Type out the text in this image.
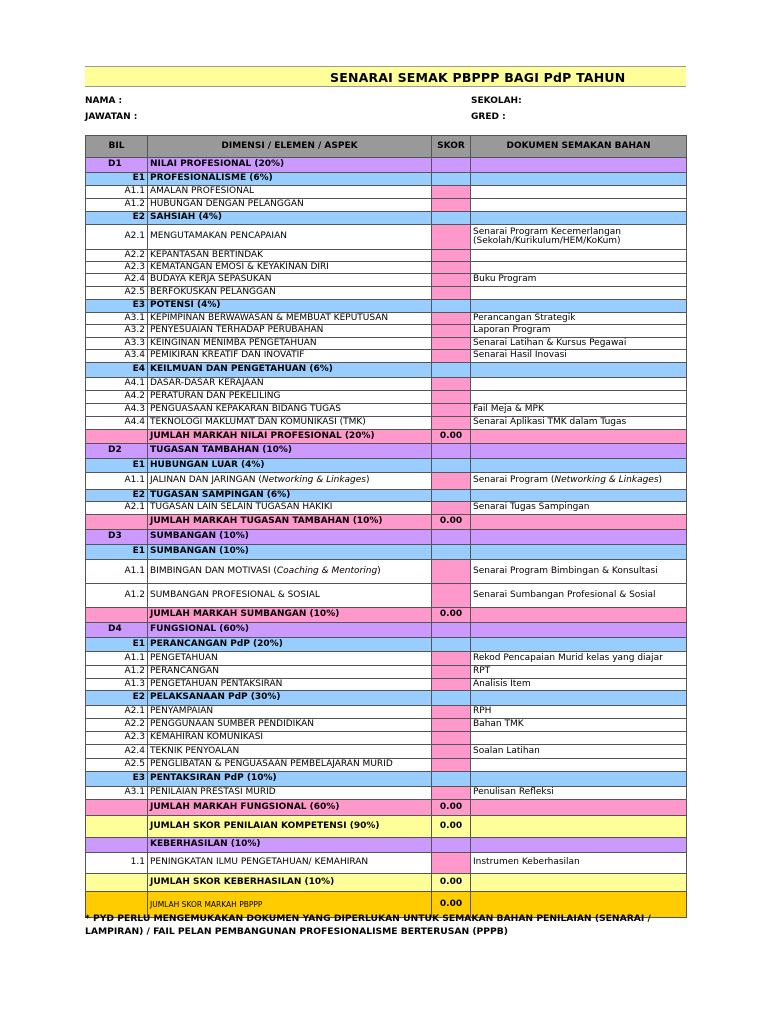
SENARAI SEMAK PBPPP BAGI PdP TAHUN
NAMA :
JAWATAN :
SEKOLAH:
GRED :
BIL	DIMENSI / ELEMEN / ASPEK	SKOR	DOKUMEN SEMAKAN BAHAN
D1	NILAI PROFESIONAL (20%)		
E1	PROFESIONALISME (6%)		
A1.1	AMALAN PROFESIONAL		
A1.2	HUBUNGAN DENGAN PELANGGAN		
E2	SAHSIAH (4%)		
A2.1	MENGUTAMAKAN PENCAPAIAN		Senarai Program Kecemerlangan (Sekolah/Kurikulum/HEM/KoKum)
A2.2	KEPANTASAN BERTINDAK		
A2.3	KEMATANGAN EMOSI & KEYAKINAN DIRI		
A2.4	BUDAYA KERJA SEPASUKAN		Buku Program
A2.5	BERFOKUSKAN PELANGGAN		
E3	POTENSI (4%)		
A3.1	KEPIMPINAN BERWAWASAN & MEMBUAT KEPUTUSAN		Perancangan Strategik
A3.2	PENYESUAIAN TERHADAP PERUBAHAN		Laporan Program
A3.3	KEINGINAN MENIMBA PENGETAHUAN		Senarai Latihan & Kursus Pegawai
A3.4	PEMIKIRAN KREATIF DAN INOVATIF		Senarai Hasil Inovasi
E4	KEILMUAN DAN PENGETAHUAN (6%)		
A4.1	DASAR-DASAR KERAJAAN		
A4.2	PERATURAN DAN PEKELILING		
A4.3	PENGUASAAN KEPAKARAN BIDANG TUGAS		Fail Meja & MPK
A4.4	TEKNOLOGI MAKLUMAT DAN KOMUNIKASI (TMK)		Senarai Aplikasi TMK dalam Tugas
	JUMLAH MARKAH NILAI PROFESIONAL (20%)	0.00	
D2	TUGASAN TAMBAHAN (10%)		
E1	HUBUNGAN LUAR (4%)		
A1.1	JALINAN DAN JARINGAN (Networking & Linkages)		Senarai Program (Networking & Linkages)
E2	TUGASAN SAMPINGAN (6%)		
A2.1	TUGASAN LAIN SELAIN TUGASAN HAKIKI		Senarai Tugas Sampingan
	JUMLAH MARKAH TUGASAN TAMBAHAN (10%)	0.00	
D3	SUMBANGAN (10%)		
E1	SUMBANGAN (10%)		
A1.1	BIMBINGAN DAN MOTIVASI (Coaching & Mentoring)		Senarai Program Bimbingan & Konsultasi
A1.2	SUMBANGAN PROFESIONAL & SOSIAL		Senarai Sumbangan Profesional & Sosial
	JUMLAH MARKAH SUMBANGAN (10%)	0.00	
D4	FUNGSIONAL (60%)		
E1	PERANCANGAN PdP (20%)		
A1.1	PENGETAHUAN		Rekod Pencapaian Murid kelas yang diajar
A1.2	PERANCANGAN		RPT
A1.3	PENGETAHUAN PENTAKSIRAN		Analisis Item
E2	PELAKSANAAN PdP (30%)		
A2.1	PENYAMPAIAN		RPH
A2.2	PENGGUNAAN SUMBER PENDIDIKAN		Bahan TMK
A2.3	KEMAHIRAN KOMUNIKASI		
A2.4	TEKNIK PENYOALAN		Soalan Latihan
A2.5	PENGLIBATAN & PENGUASAAN PEMBELAJARAN MURID		
E3	PENTAKSIRAN PdP (10%)		
A3.1	PENILAIAN PRESTASI MURID		Penulisan Refleksi
	JUMLAH MARKAH FUNGSIONAL (60%)	0.00	
	JUMLAH SKOR PENILAIAN KOMPETENSI (90%)	0.00	
	KEBERHASILAN (10%)		
1.1	PENINGKATAN ILMU PENGETAHUAN/ KEMAHIRAN		Instrumen Keberhasilan
	JUMLAH SKOR KEBERHASILAN (10%)	0.00	
	JUMLAH SKOR MARKAH PBPPP	0.00	
* PYD PERLU MENGEMUKAKAN DOKUMEN YANG DIPERLUKAN UNTUK SEMAKAN BAHAN PENILAIAN (SENARAI / LAMPIRAN) / FAIL PELAN PEMBANGUNAN PROFESIONALISME BERTERUSAN (PPPB)
